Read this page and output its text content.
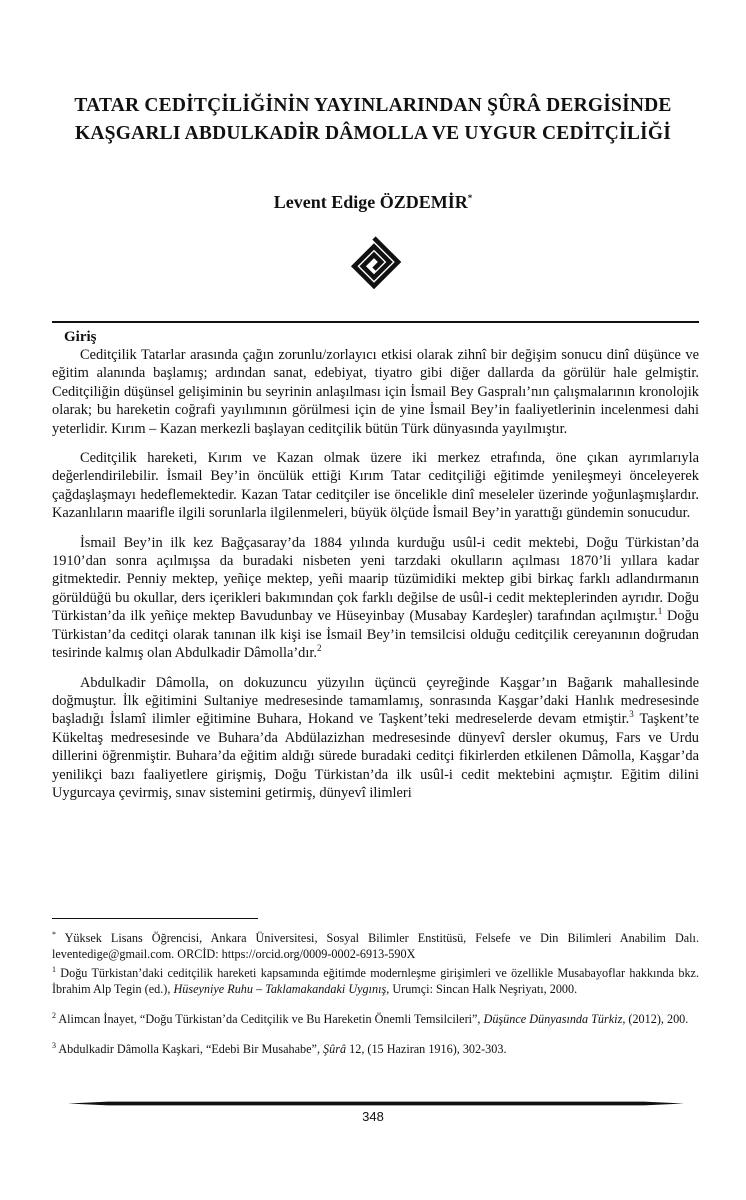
TATAR CEDİTÇİLİĞİNİN YAYINLARINDAN ŞÛRÂ DERGİSİNDE
KAŞGARLI ABDULKADİR DÂMOLLA VE UYGUR CEDİTÇİLİĞİ
Levent Edige ÖZDEMİR*
Giriş

Ceditçilik Tatarlar arasında çağın zorunlu/zorlayıcı etkisi olarak zihnî bir değişim sonucu dinî düşünce ve eğitim alanında başlamış; ardından sanat, edebiyat, tiyatro gibi diğer dallarda da görülür hale gelmiştir. Ceditçiliğin düşünsel gelişiminin bu seyrinin anlaşılması için İsmail Bey Gaspralı’nın çalışmalarının kronolojik olarak; bu hareketin coğrafi yayılımının görülmesi için de yine İsmail Bey’in faaliyetlerinin incelenmesi dahi yeterlidir. Kırım – Kazan merkezli başlayan ceditçilik bütün Türk dünyasında yayılmıştır.

Ceditçilik hareketi, Kırım ve Kazan olmak üzere iki merkez etrafında, öne çıkan ayrımlarıyla değerlendirilebilir. İsmail Bey’in öncülük ettiği Kırım Tatar ceditçiliği eğitimde yenileşmeyi önceleyerek çağdaşlaşmayı hedeflemektedir. Kazan Tatar ceditçiler ise öncelikle dinî meseleler üzerinde yoğunlaşmışlardır. Kazanlıların maarifle ilgili sorunlarla ilgilenmeleri, büyük ölçüde İsmail Bey’in yarattığı gündemin sonucudur.

İsmail Bey’in ilk kez Bağçasaray’da 1884 yılında kurduğu usûl-i cedit mektebi, Doğu Türkistan’da 1910’dan sonra açılmışsa da buradaki nisbeten yeni tarzdaki okulların açılması 1870’li yıllara kadar gitmektedir. Penniy mektep, yeñiçe mektep, yeñi maarip tüzümidiki mektep gibi birkaç farklı adlandırmanın görüldüğü bu okullar, ders içerikleri bakımından çok farklı değilse de usûl-i cedit mekteplerinden ayrıdır. Doğu Türkistan’da ilk yeñiçe mektep Bavudunbay ve Hüseyinbay (Musabay Kardeşler) tarafından açılmıştır.$^1$ Doğu Türkistan’da ceditçi olarak tanınan ilk kişi ise İsmail Bey’in temsilcisi olduğu ceditçilik cereyanının doğrudan tesirinde kalmış olan Abdulkadir Dâmolla’dır.$^2$

Abdulkadir Dâmolla, on dokuzuncu yüzyılın üçüncü çeyreğinde Kaşgar’ın Bağarık mahallesinde doğmuştur. İlk eğitimini Sultaniye medresesinde tamamlamış, sonrasında Kaşgar’daki Hanlık medresesinde başladığı İslamî ilimler eğitimine Buhara, Hokand ve Taşkent’teki medreselerde devam etmiştir.$^3$ Taşkent’te Kükeltaş medresesinde ve Buhara’da Abdülazizhan medresesinde dünyevî dersler okumuş, Fars ve Urdu dillerini öğrenmiştir. Buhara’da eğitim aldığı sürede buradaki ceditçi fikirlerden etkilenen Dâmolla, Kaşgar’da yenilikçi bazı faaliyetlere girişmiş, Doğu Türkistan’da ilk usûl-i cedit mektebini açmıştır. Eğitim dilini Uygurcaya çevirmiş, sınav sistemini getirmiş, dünyevî ilimleri

* Yüksek Lisans Öğrencisi, Ankara Üniversitesi, Sosyal Bilimler Enstitüsü, Felsefe ve Din Bilimleri Anabilim Dalı. leventedige@gmail.com. ORCİD: https://orcid.org/0009-0002-6913-590X
$^1$ Doğu Türkistan’daki ceditçilik hareketi kapsamında eğitimde modernleşme girişimleri ve özellikle Musabayoflar hakkında bkz. İbrahim Alp Tegin (ed.), Hüseyniye Ruhu – Taklamakandaki Uygınış, Urumçi: Sincan Halk Neşriyatı, 2000.
$^2$ Alimcan İnayet, “Doğu Türkistan’da Ceditçilik ve Bu Hareketin Önemli Temsilcileri”, Düşünce Dünyasında Türkiz, (2012), 200.
$^3$ Abdulkadir Dâmolla Kaşkari, “Edebi Bir Musahabe”, Şûrâ 12, (15 Haziran 1916), 302-303.
348
